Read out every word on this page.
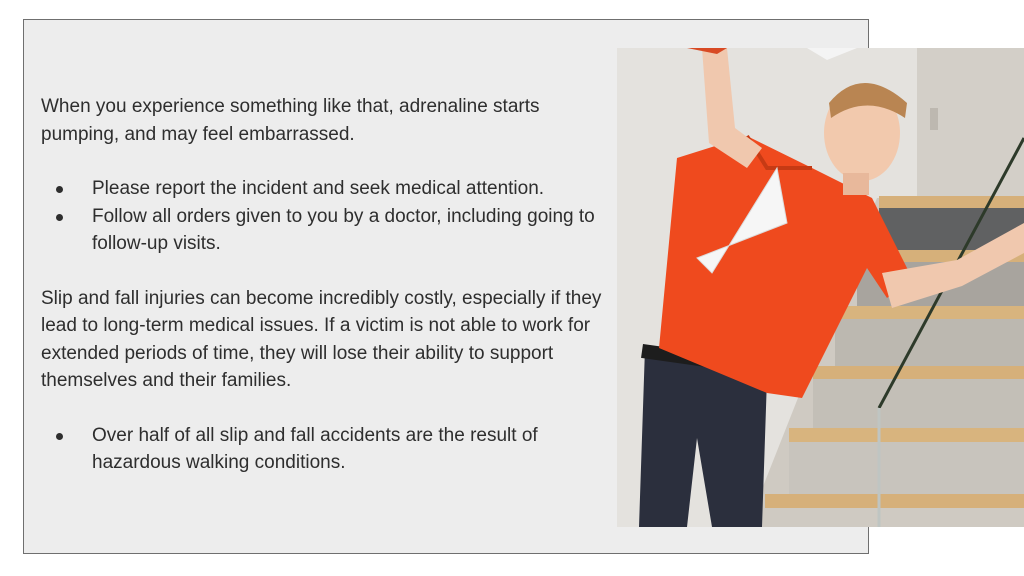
When you experience something like that, adrenaline starts pumping, and may feel embarrassed.

Please report the incident and seek medical attention.
Follow all orders given to you by a doctor, including going to follow-up visits.

Slip and fall injuries can become incredibly costly, especially if they lead to long-term medical issues. If a victim is not able to work for extended periods of time, they will lose their ability to support themselves and their families.

Over half of all slip and fall accidents are the result of hazardous walking conditions.
